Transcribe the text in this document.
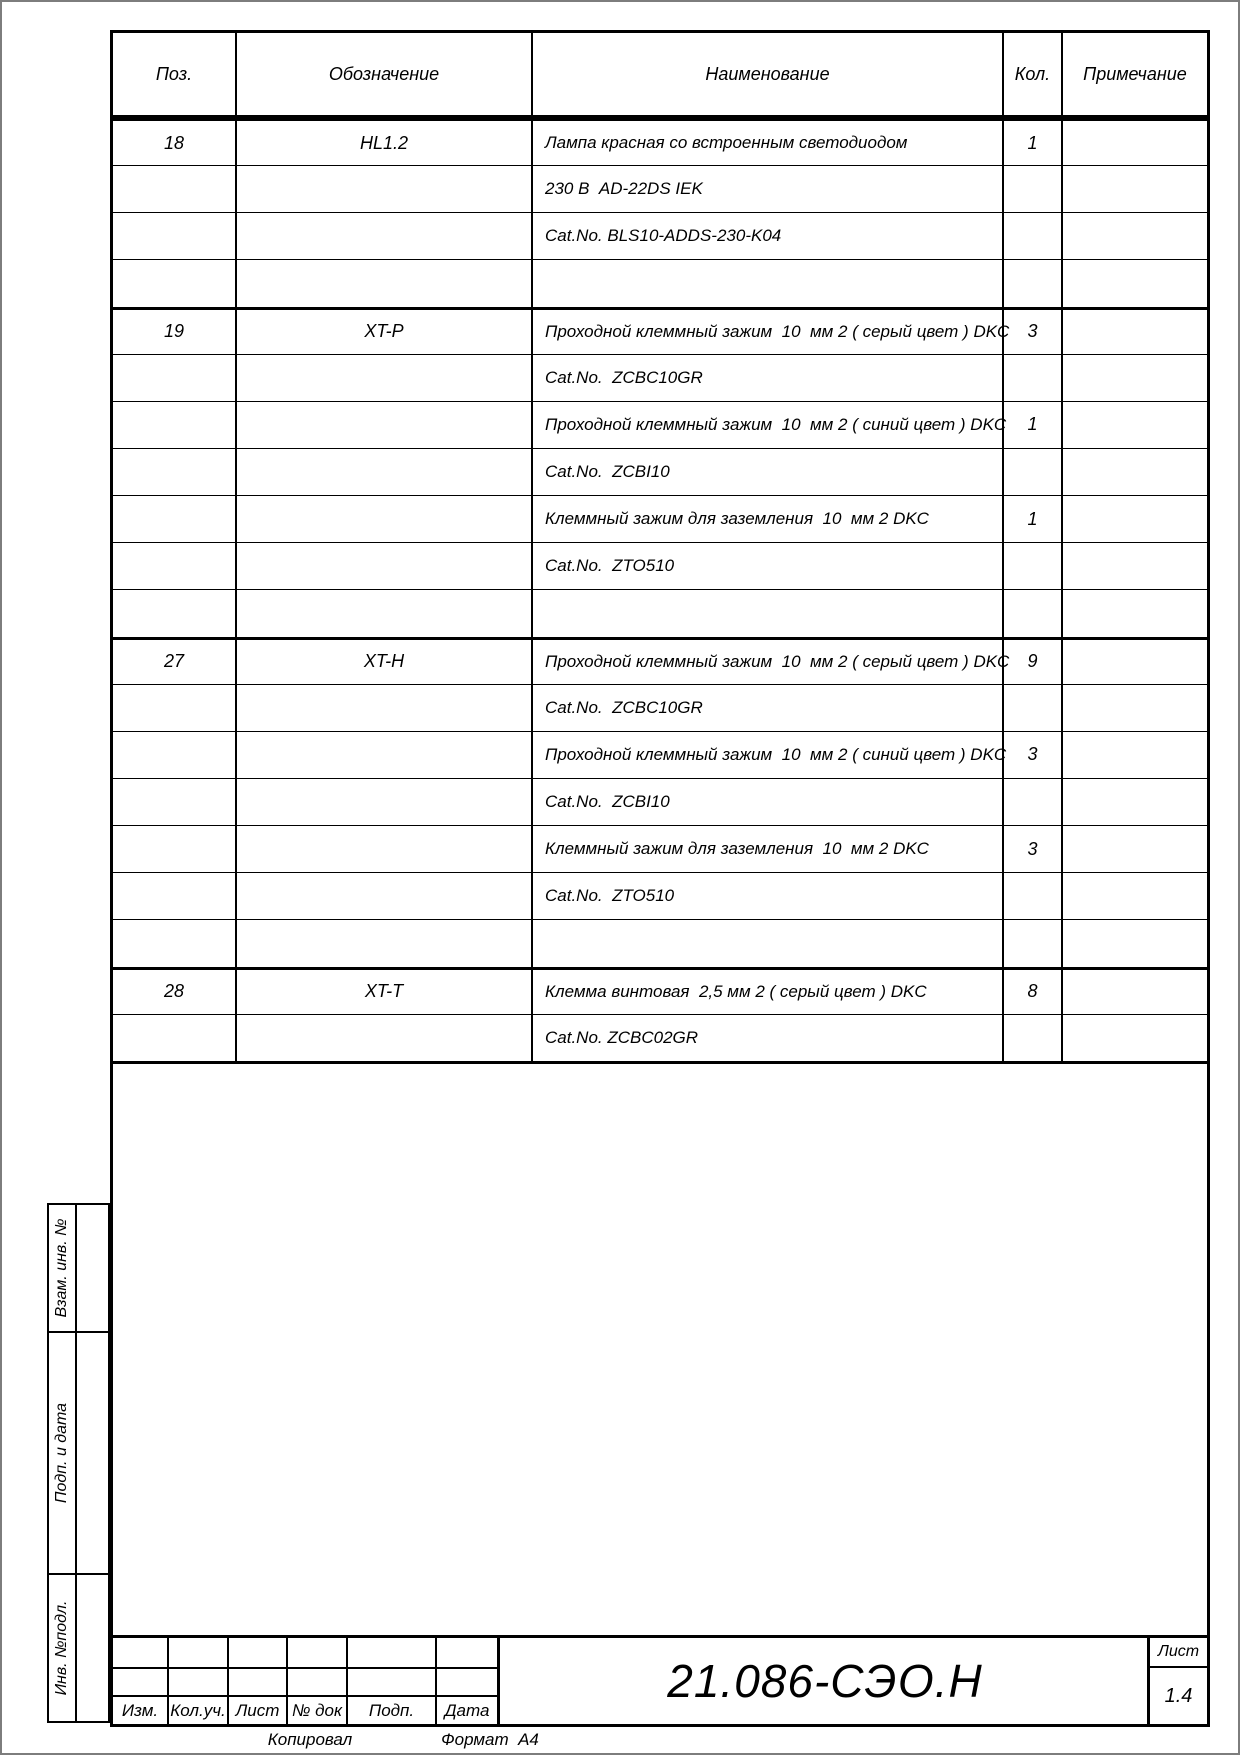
Поз.	Обозначение	Наименование	Кол.	Примечание
18	HL1.2	Лампа красная со встроенным светодиодом	1
230 В  AD-22DS IEK
Cat.No. BLS10-ADDS-230-K04
19	XT-P	Проходной клеммный зажим  10  мм 2 ( серый цвет ) DKC	3
Cat.No.  ZCBC10GR
Проходной клеммный зажим  10  мм 2 ( синий цвет ) DKC	1
Cat.No.  ZCBI10
Клеммный зажим для заземления  10  мм 2 DKC	1
Cat.No.  ZTO510
27	XT-H	Проходной клеммный зажим  10  мм 2 ( серый цвет ) DKC	9
Cat.No.  ZCBC10GR
Проходной клеммный зажим  10  мм 2 ( синий цвет ) DKC	3
Cat.No.  ZCBI10
Клеммный зажим для заземления  10  мм 2 DKC	3
Cat.No.  ZTO510
28	XT-T	Клемма винтовая  2,5 мм 2 ( серый цвет ) DKC	8
Cat.No. ZCBC02GR
Изм. Кол.уч. Лист № док	Подп.	Дата
21.086-СЭО.Н
Лист
1.4
Взам. инв. №
Подп. и дата
Инв. №подл.
Копировал	Формат  А4
